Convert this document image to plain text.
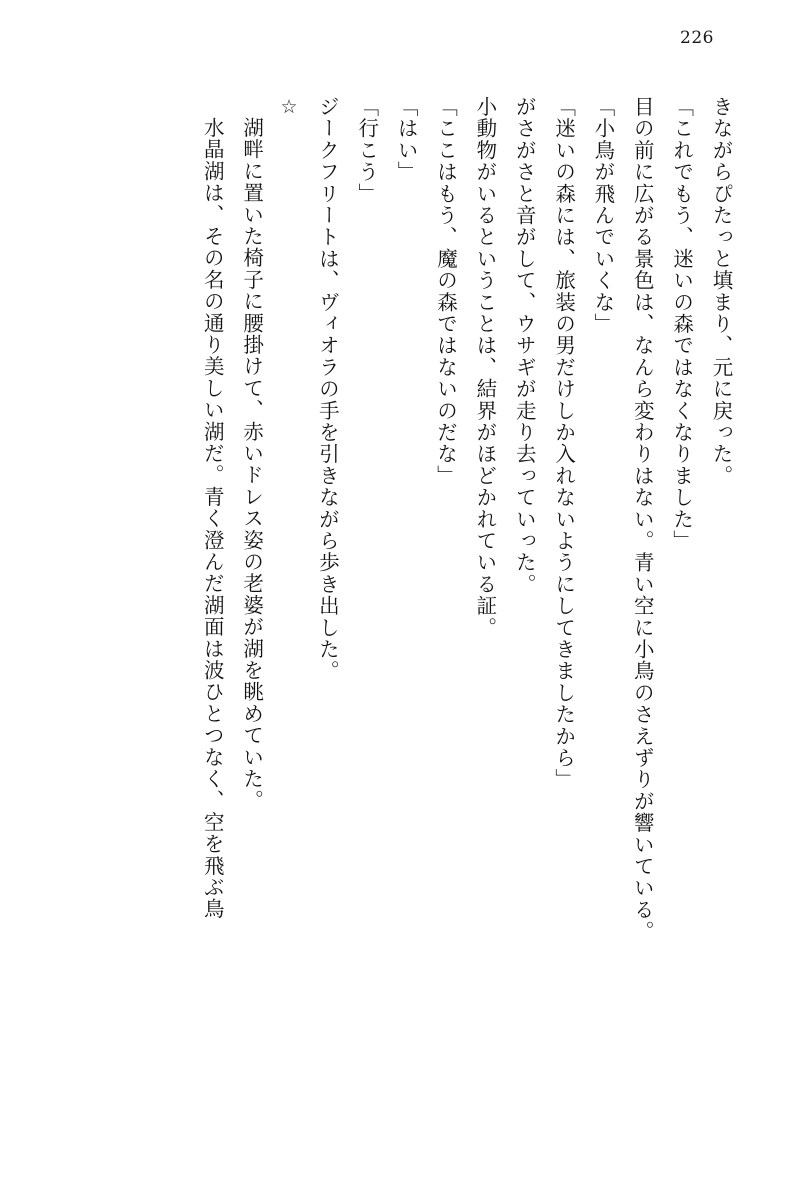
226

きながらぴたっと填まり、元に戻った。

「これでもう、迷いの森ではなくなりました」

目の前に広がる景色は、なんら変わりはない。青い空に小鳥のさえずりが響いている。

「小鳥が飛んでいくな」

「迷いの森には、旅装の男だけしか入れないようにしてきましたから」

がさがさと音がして、ウサギが走り去っていった。

小動物がいるということは、結界がほどかれている証。

「ここはもう、魔の森ではないのだな」

「はい」

「行こう」

ジークフリートは、ヴィオラの手を引きながら歩き出した。

☆

湖畔に置いた椅子に腰掛けて、赤いドレス姿の老婆が湖を眺めていた。

水晶湖は、その名の通り美しい湖だ。青く澄んだ湖面は波ひとつなく、空を飛ぶ鳥
